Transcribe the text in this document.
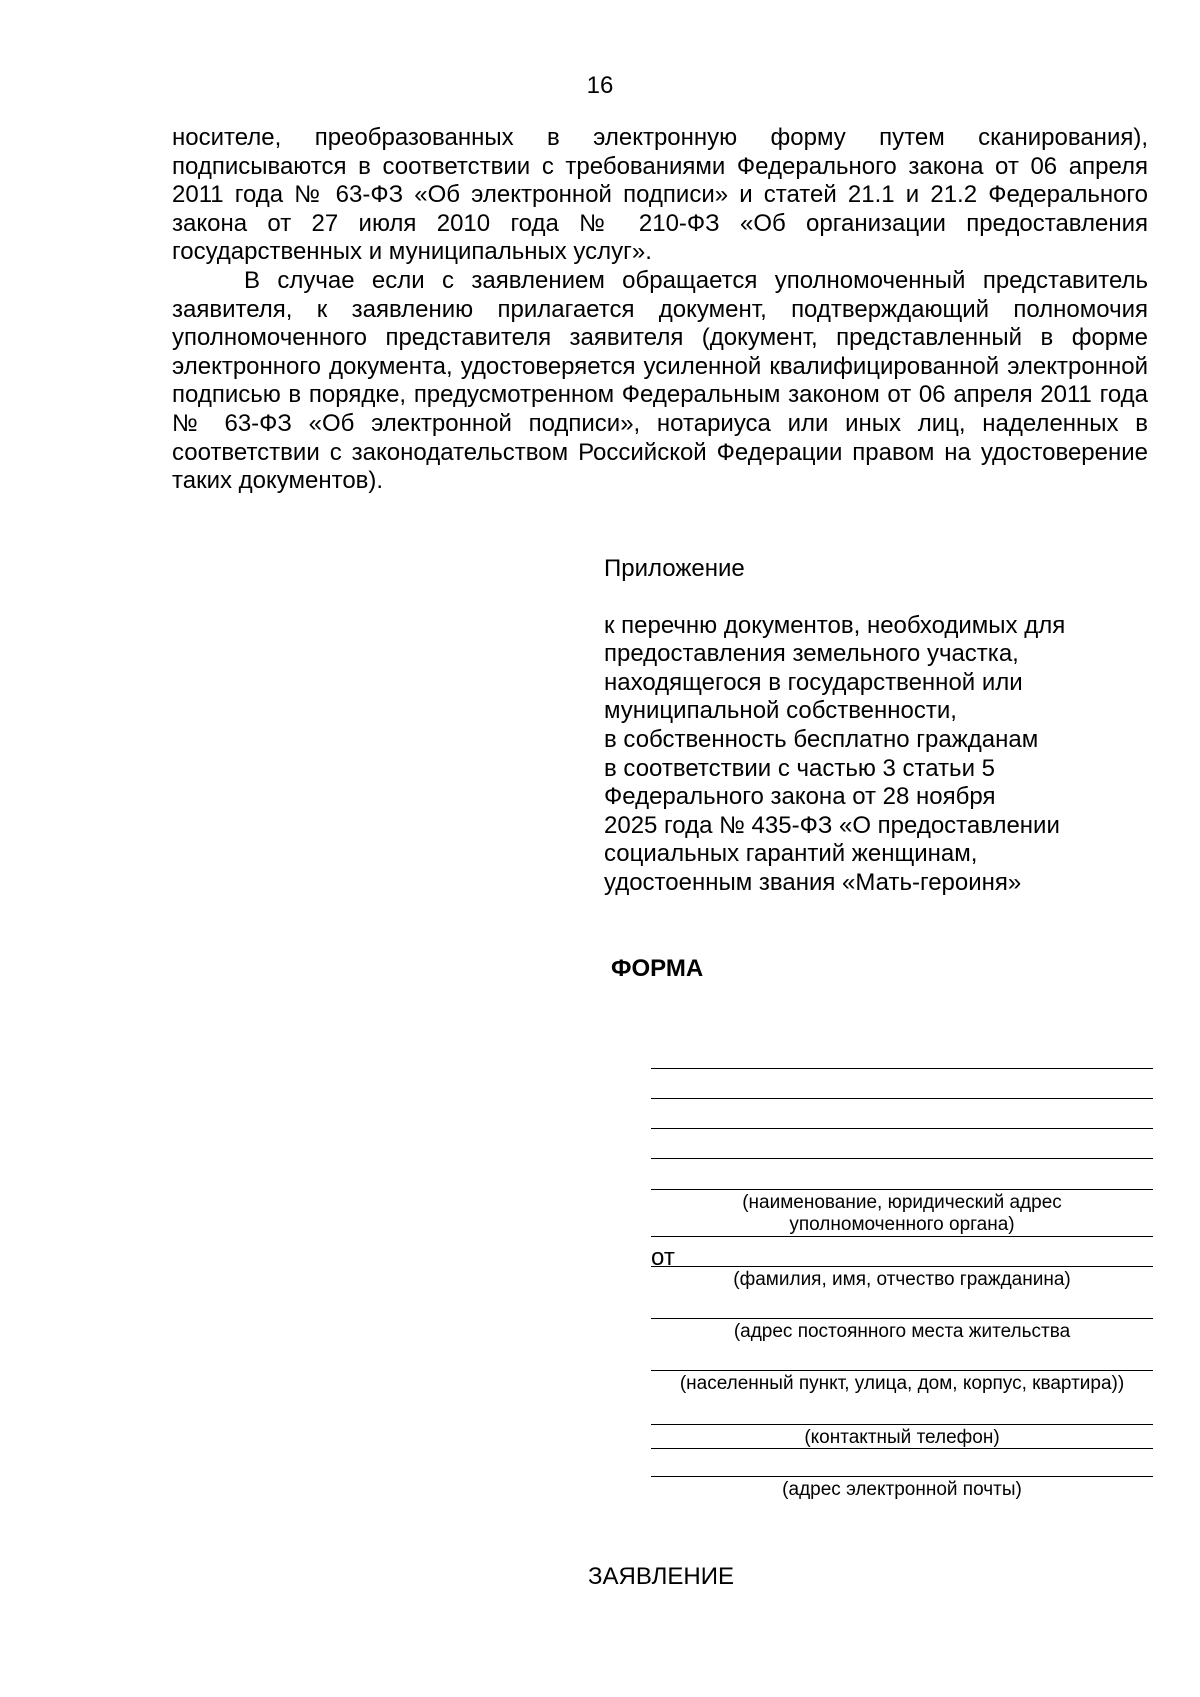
16

носителе, преобразованных в электронную форму путем сканирования), подписываются в соответствии с требованиями Федерального закона от 06 апреля 2011 года № 63-ФЗ «Об электронной подписи» и статей 21.1 и 21.2 Федерального закона от 27 июля 2010 года № 210-ФЗ «Об организации предоставления государственных и муниципальных услуг».

В случае если с заявлением обращается уполномоченный представитель заявителя, к заявлению прилагается документ, подтверждающий полномочия уполномоченного представителя заявителя (документ, представленный в форме электронного документа, удостоверяется усиленной квалифицированной электронной подписью в порядке, предусмотренном Федеральным законом от 06 апреля 2011 года № 63-ФЗ «Об электронной подписи», нотариуса или иных лиц, наделенных в соответствии с законодательством Российской Федерации правом на удостоверение таких документов).

Приложение

к перечню документов, необходимых для
предоставления земельного участка,
находящегося в государственной или
муниципальной собственности,
в собственность бесплатно гражданам
в соответствии с частью 3 статьи 5
Федерального закона от 28 ноября
2025 года № 435-ФЗ «О предоставлении
социальных гарантий женщинам,
удостоенным звания «Мать-героиня»
ФОРМА
(наименование, юридический адрес
уполномоченного органа)
от
(фамилия, имя, отчество гражданина)
(адрес постоянного места жительства
(населенный пункт, улица, дом, корпус, квартира))
(контактный телефон)
(адрес электронной почты)
ЗАЯВЛЕНИЕ
